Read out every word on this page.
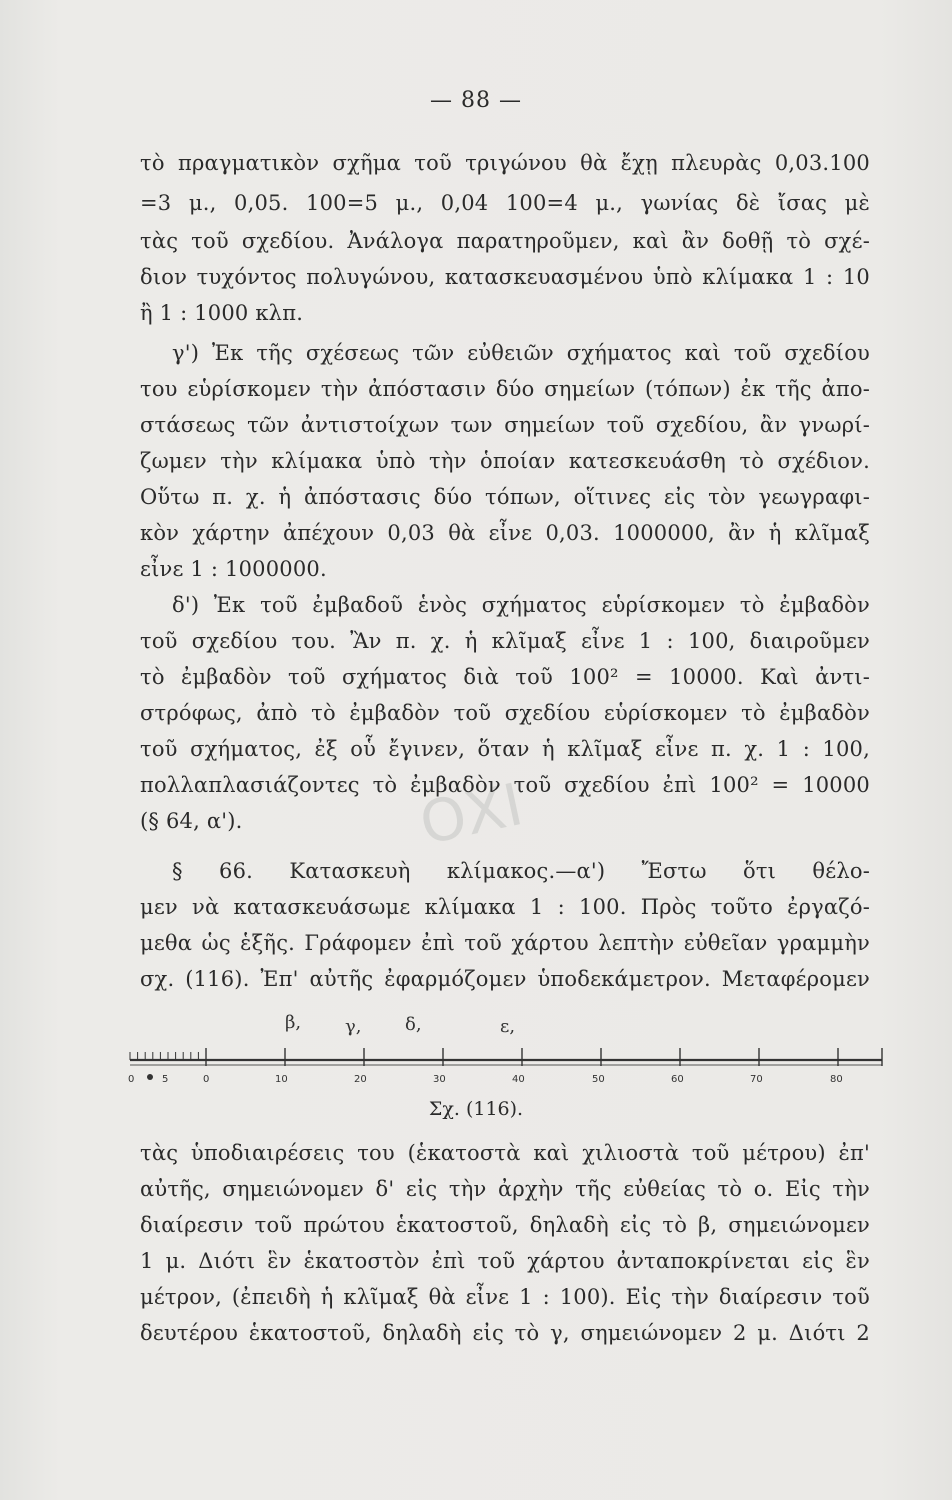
— 88 —
ΟΧΙ
τὸ πραγματικὸν σχῆμα τοῦ τριγώνου θὰ ἔχῃ πλευρὰς 0,03.100
=3 μ., 0,05. 100=5 μ., 0,04 100=4 μ., γωνίας δὲ ἴσας μὲ
τὰς τοῦ σχεδίου. Ἀνάλογα παρατηροῦμεν, καὶ ἂν δοθῇ τὸ σχέ-
διον τυχόντος πολυγώνου, κατασκευασμένου ὑπὸ κλίμακα 1 : 10
ἢ 1 : 1000 κλπ.
γ') Ἐκ τῆς σχέσεως τῶν εὐθειῶν σχήματος καὶ τοῦ σχεδίου
του εὑρίσκομεν τὴν ἀπόστασιν δύο σημείων (τόπων) ἐκ τῆς ἀπο-
στάσεως τῶν ἀντιστοίχων των σημείων τοῦ σχεδίου, ἂν γνωρί-
ζωμεν τὴν κλίμακα ὑπὸ τὴν ὁποίαν κατεσκευάσθη τὸ σχέδιον.
Οὕτω π. χ. ἡ ἀπόστασις δύο τόπων, οἵτινες εἰς τὸν γεωγραφι-
κὸν χάρτην ἀπέχουν 0,03 θὰ εἶνε 0,03. 1000000, ἂν ἡ κλῖμαξ
εἶνε 1 : 1000000.
δ') Ἐκ τοῦ ἐμβαδοῦ ἑνὸς σχήματος εὑρίσκομεν τὸ ἐμβαδὸν
τοῦ σχεδίου του. Ἂν π. χ. ἡ κλῖμαξ εἶνε 1 : 100, διαιροῦμεν
τὸ ἐμβαδὸν τοῦ σχήματος διὰ τοῦ 100² = 10000. Καὶ ἀντι-
στρόφως, ἀπὸ τὸ ἐμβαδὸν τοῦ σχεδίου εὑρίσκομεν τὸ ἐμβαδὸν
τοῦ σχήματος, ἐξ οὗ ἔγινεν, ὅταν ἡ κλῖμαξ εἶνε π. χ. 1 : 100,
πολλαπλασιάζοντες τὸ ἐμβαδὸν τοῦ σχεδίου ἐπὶ 100² = 10000
(§ 64, α').
§ 66. Κατασκευὴ κλίμακος.—α') Ἔστω ὅτι θέλο-
μεν νὰ κατασκευάσωμε κλίμακα 1 : 100. Πρὸς τοῦτο ἐργαζό-
μεθα ὡς ἑξῆς. Γράφομεν ἐπὶ τοῦ χάρτου λεπτὴν εὐθεῖαν γραμμὴν
σχ. (116). Ἐπ' αὐτῆς ἐφαρμόζομεν ὑποδεκάμετρον. Μεταφέρομεν
β, γ, δ,	ε,
0	5	0	10	20	30	40	50	60	70	80
Σχ. (116).
τὰς ὑποδιαιρέσεις του (ἑκατοστὰ καὶ χιλιοστὰ τοῦ μέτρου) ἐπ'
αὐτῆς, σημειώνομεν δ' εἰς τὴν ἀρχὴν τῆς εὐθείας τὸ ο. Εἰς τὴν
διαίρεσιν τοῦ πρώτου ἑκατοστοῦ, δηλαδὴ εἰς τὸ β, σημειώνομεν
1 μ. Διότι ἓν ἑκατοστὸν ἐπὶ τοῦ χάρτου ἀνταποκρίνεται εἰς ἓν
μέτρον, (ἐπειδὴ ἡ κλῖμαξ θὰ εἶνε 1 : 100). Εἰς τὴν διαίρεσιν τοῦ
δευτέρου ἑκατοστοῦ, δηλαδὴ εἰς τὸ γ, σημειώνομεν 2 μ. Διότι 2
